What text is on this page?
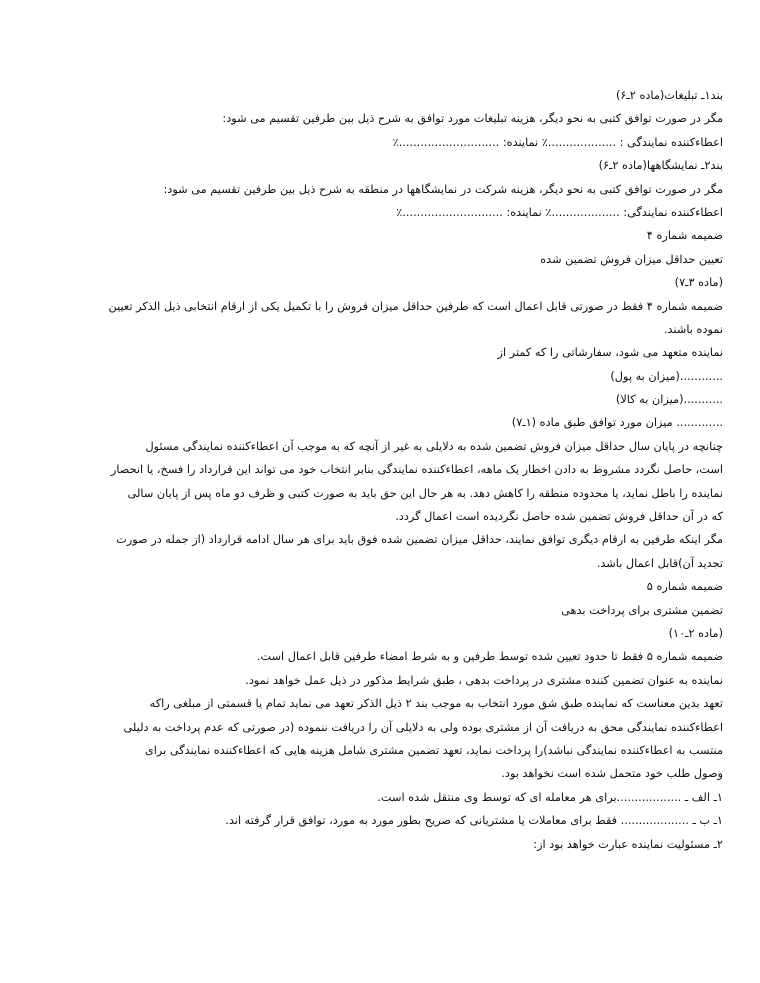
بند۱ـ تبلیغات(ماده ۲ـ۶)
مگر در صورت توافق کتبی به نحو دیگر، هزینه تبلیغات مورد توافق به شرح ذیل بین طرفین تقسیم می شود:
اعطاءکننده نمایندگی : ...................٪ نماینده: ............................٪
بند۲ـ نمایشگاهها(ماده ۲ـ۶)
مگر در صورت توافق کتبی به نحو دیگر، هزینه شرکت در نمایشگاهها در منطقه به شرح ذیل بین طرفین تقسیم می شود:
اعطاءکننده نمایندگی: ...................٪ نماینده: ............................٪
ضمیمه شماره ۴
تعیین حداقل میزان فروش تضمین شده
(ماده ۳ـ۷)
ضمیمه شماره ۴ فقط در صورتی قابل اعمال است که طرفین حداقل میزان فروش را با تکمیل یکی از ارقام انتخابی ذیل الذکر تعیین
نموده باشند.
نماینده متعهد می شود، سفارشاتی را که کمتر از
............(میزان به پول)
...........(میزان به کالا)
............. میزان مورد توافق طبق ماده (۱ـ۷)
چنانچه در پایان سال حداقل میزان فروش تضمین شده به دلایلی به غیر از آنچه که به موجب آن اعطاءکننده نمایندگی مسئول
است، حاصل نگردد مشروط به دادن اخطار یک ماهه، اعطاءکننده نمایندگی بنابر انتخاب خود می تواند این قرارداد را فسخ، یا انحصار
نماینده را باطل نماید، یا محدوده منطقه را کاهش دهد. به هر حال این حق باید به صورت کتبی و ظرف دو ماه پس از پایان سالی
که در آن حداقل فروش تضمین شده حاصل نگردیده است اعمال گردد.
مگر اینکه طرفین به ارقام دیگری توافق نمایند، حداقل میزان تضمین شده فوق باید برای هر سال ادامه قرارداد (از جمله در صورت
تجدید آن)قابل اعمال باشد.
ضمیمه شماره ۵
تضمین مشتری برای پرداخت بدهی
(ماده ۲ـ۱۰)
ضمیمه شماره ۵ فقط تا حدود تعیین شده توسط طرفین و به شرط امضاء طرفین قابل اعمال است.
نماینده به عنوان تضمین کننده مشتری در پرداخت بدهی ، طبق شرایط مذکور در ذیل عمل خواهد نمود.
تعهد بدین معناست که نماینده طبق شق مورد انتخاب به موجب بند ۲ ذیل الذکر تعهد می نماید تمام یا قسمتی از مبلغی راکه
اعطاءکننده نمایندگی محق به دریافت آن از مشتری بوده ولی به دلایلی آن را دریافت ننموده (در صورتی که عدم پرداخت به دلیلی
منتسب به اعطاءکننده نمایندگی نباشد)را پرداخت نماید، تعهد تضمین مشتری شامل هزینه هایی که اعطاءکننده نمایندگی برای
وصول طلب خود متحمل شده است نخواهد بود.
۱ـ الف ـ ..................برای هر معامله ای که توسط وی منتقل شده است.
۱ـ ب ـ ................... فقط برای معاملات یا مشتریانی که صریح بطور مورد به مورد، توافق قرار گرفته اند.
۲ـ مسئولیت نماینده عبارت خواهد بود از:
